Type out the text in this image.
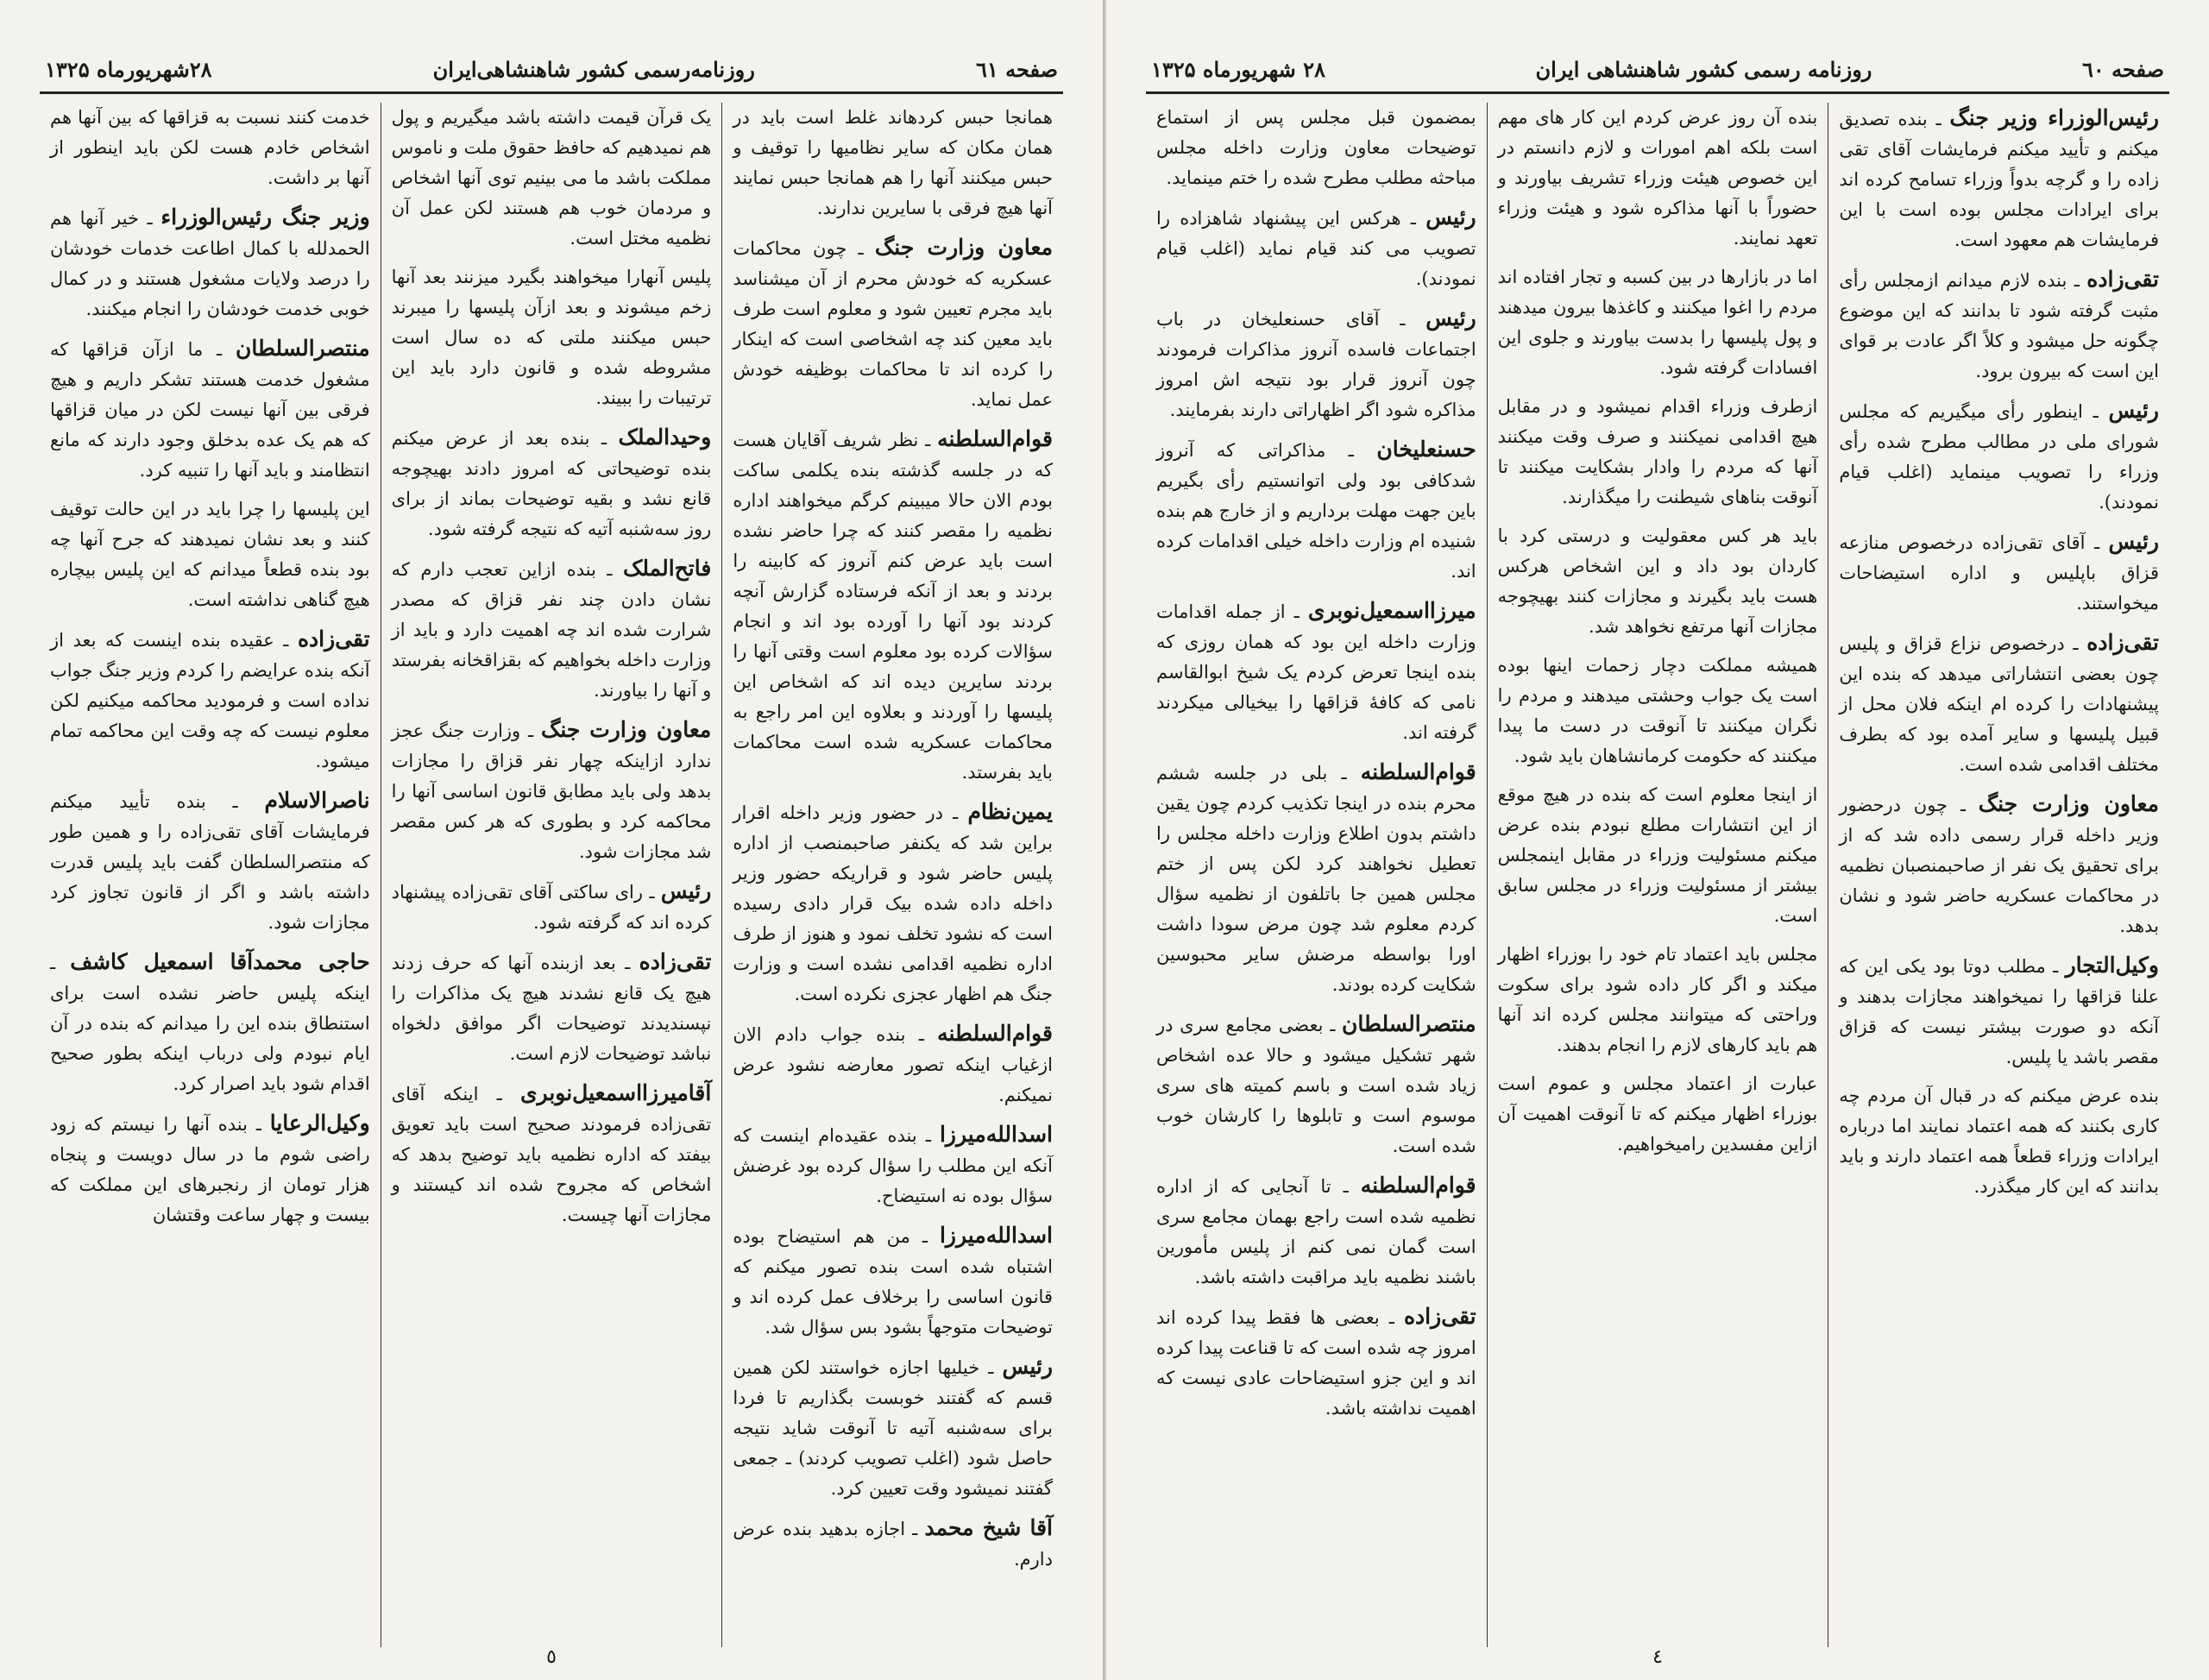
صفحه ٦١
روزنامه‌رسمی کشور شاهنشاهی‌ایران
۲۸شهریورماه ۱۳۲۵
همانجا حبس کردهاند غلط است باید در همان مکان که سایر نظامیها را توقیف و حبس میکنند آنها را هم همانجا حبس نمایند آنها هیچ فرقی با سایرین ندارند.
معاون وزارت جنگ ـ چون محاکمات عسکریه که خودش محرم از آن میشناسد باید مجرم تعیین شود و معلوم است طرف باید معین کند چه اشخاصی است که اینکار را کرده اند تا محاکمات بوظیفه خودش عمل نماید.
قوام‌السلطنه ـ نظر شریف آقایان هست که در جلسه گذشته بنده یکلمی ساکت بودم الان حالا میبینم کرگم میخواهند اداره نظمیه را مقصر کنند که چرا حاضر نشده است باید عرض کنم آنروز که کابینه را بردند و بعد از آنکه فرستاده گزارش آنچه کردند بود آنها را آورده بود اند و انجام سؤالات کرده بود معلوم است وقتی آنها را بردند سایرین دیده اند که اشخاص این پلیسها را آوردند و بعلاوه این امر راجع به محاکمات عسکریه شده است محاکمات باید بفرستد.
یمین‌نظام ـ در حضور وزیر داخله اقرار براین شد که یکنفر صاحبمنصب از اداره پلیس حاضر شود و قراریکه حضور وزیر داخله داده شده بیک قرار دادی رسیده است که نشود تخلف نمود و هنوز از طرف اداره نظمیه اقدامی نشده است و وزارت جنگ هم اظهار عجزی نکرده است.
قوام‌السلطنه ـ بنده جواب دادم الان ازغیاب اینکه تصور معارضه نشود عرض نمیکنم.
اسدالله‌میرزا ـ بنده عقیده‌ام اینست که آنکه این مطلب را سؤال کرده بود غرضش سؤال بوده نه استیضاح.
اسدالله‌میرزا ـ من هم استیضاح بوده اشتباه شده است بنده تصور میکنم که قانون اساسی را برخلاف عمل کرده اند و توضیحات متوجهاً بشود بس سؤال شد.
رئیس ـ خیلیها اجازه خواستند لکن همین قسم که گفتند خوبست بگذاریم تا فردا برای سه‌شنبه آتیه تا آنوقت شاید نتیجه حاصل شود (اغلب تصویب کردند) ـ جمعی گفتند نمیشود وقت تعیین کرد.
آقا شیخ محمد ـ اجازه بدهید بنده عرض دارم.
یک قرآن قیمت داشته باشد میگیریم و پول هم نمیدهیم که حافظ حقوق ملت و ناموس مملکت باشد ما می بینیم توی آنها اشخاص و مردمان خوب هم هستند لکن عمل آن نظمیه مختل است.
پلیس آنهارا میخواهند بگیرد میزنند بعد آنها زخم میشوند و بعد ازآن پلیسها را میبرند حبس میکنند ملتی که ده سال است مشروطه شده و قانون دارد باید این ترتیبات را ببیند.
وحیدالملک ـ بنده بعد از عرض میکنم بنده توضیحاتی که امروز دادند بهیچوجه قانع نشد و بقیه توضیحات بماند از برای روز سه‌شنبه آتیه که نتیجه گرفته شود.
فاتح‌الملک ـ بنده ازاین تعجب دارم که نشان دادن چند نفر قزاق که مصدر شرارت شده اند چه اهمیت دارد و باید از وزارت داخله بخواهیم که بقزاقخانه بفرستد و آنها را بیاورند.
معاون وزارت جنگ ـ وزارت جنگ عجز ندارد ازاینکه چهار نفر قزاق را مجازات بدهد ولی باید مطابق قانون اساسی آنها را محاکمه کرد و بطوری که هر کس مقصر شد مجازات شود.
رئیس ـ رای ساکتی آقای تقی‌زاده پیشنهاد کرده اند که گرفته شود.
تقی‌زاده ـ بعد ازبنده آنها که حرف زدند هیچ یک قانع نشدند هیچ یک مذاکرات را نپسندیدند توضیحات اگر موافق دلخواه نباشد توضیحات لازم است.
آقامیرزااسمعیل‌نوبری ـ اینکه آقای تقی‌زاده فرمودند صحیح است باید تعویق بیفتد که اداره نظمیه باید توضیح بدهد که اشخاص که مجروح شده اند کیستند و مجازات آنها چیست.
خدمت کنند نسبت به قزاقها که بین آنها هم اشخاص خادم هست لکن باید اینطور از آنها بر داشت.
وزیر جنگ رئیس‌الوزراء ـ خیر آنها هم الحمدلله با کمال اطاعت خدمات خودشان را درصد ولایات مشغول هستند و در کمال خوبی خدمت خودشان را انجام میکنند.
منتصر‌السلطان ـ ما ازآن قزاقها که مشغول خدمت هستند تشکر داریم و هیچ فرقی بین آنها نیست لکن در میان قزاقها که هم یک عده بدخلق وجود دارند که مانع انتظامند و باید آنها را تنبیه کرد.
این پلیسها را چرا باید در این حالت توقیف کنند و بعد نشان نمیدهند که جرح آنها چه بود بنده قطعاً میدانم که این پلیس بیچاره هیچ گناهی نداشته است.
تقی‌زاده ـ عقیده بنده اینست که بعد از آنکه بنده عرایضم را کردم وزیر جنگ جواب نداده است و فرمودید محاکمه میکنیم لکن معلوم نیست که چه وقت این محاکمه تمام میشود.
ناصر‌الاسلام ـ بنده تأیید میکنم فرمایشات آقای تقی‌زاده را و همین طور که منتصر‌السلطان گفت باید پلیس قدرت داشته باشد و اگر از قانون تجاوز کرد مجازات شود.
حاجی محمدآقا اسمعیل کاشف ـ اینکه پلیس حاضر نشده است برای استنطاق بنده این را میدانم که بنده در آن ایام نبودم ولی درباب اینکه بطور صحیح اقدام شود باید اصرار کرد.
وکیل‌الرعایا ـ بنده آنها را نیستم که زود راضی شوم ما در سال دویست و پنجاه هزار تومان از رنجبرهای این مملکت که بیست و چهار ساعت وقتشان
٥
صفحه ٦٠
روزنامه رسمی کشور شاهنشاهی ایران
۲۸ شهریورماه ۱۳۲۵
رئیس‌الوزراء وزیر جنگ ـ بنده تصدیق میکنم و تأیید میکنم فرمایشات آقای تقی زاده را و گرچه بدواً وزراء تسامح کرده اند برای ایرادات مجلس بوده است با این فرمایشات هم معهود است.
تقی‌زاده ـ بنده لازم میدانم ازمجلس رأی مثبت گرفته شود تا بدانند که این موضوع چگونه حل میشود و کلاً اگر عادت بر قوای این است که بیرون برود.
رئیس ـ اینطور رأی میگیریم که مجلس شورای ملی در مطالب مطرح شده رأی وزراء را تصویب مینماید (اغلب قیام نمودند).
رئیس ـ آقای تقی‌زاده درخصوص منازعه قزاق باپلیس و اداره استیضاحات میخواستند.
تقی‌زاده ـ درخصوص نزاع قزاق و پلیس چون بعضی انتشاراتی میدهد که بنده این پیشنهادات را کرده ام اینکه فلان محل از قبیل پلیسها و سایر آمده بود که بطرف مختلف اقدامی شده است.
معاون وزارت جنگ ـ چون درحضور وزیر داخله قرار رسمی داده شد که از برای تحقیق یک نفر از صاحبمنصبان نظمیه در محاکمات عسکریه حاضر شود و نشان بدهد.
وکیل‌التجار ـ مطلب دوتا بود یکی این که علنا قزاقها را نمیخواهند مجازات بدهند و آنکه دو صورت بیشتر نیست که قزاق مقصر باشد یا پلیس.
بنده عرض میکنم که در قبال آن مردم چه کاری بکنند که همه اعتماد نمایند اما درباره ایرادات وزراء قطعاً همه اعتماد دارند و باید بدانند که این کار میگذرد.
بنده آن روز عرض کردم این کار های مهم است بلکه اهم امورات و لازم دانستم در این خصوص هیئت وزراء تشریف بیاورند و حضوراً با آنها مذاکره شود و هیئت وزراء تعهد نمایند.
اما در بازارها در بین کسبه و تجار افتاده اند مردم را اغوا میکنند و کاغذها بیرون میدهند و پول پلیسها را بدست بیاورند و جلوی این افسادات گرفته شود.
ازطرف وزراء اقدام نمیشود و در مقابل هیچ اقدامی نمیکنند و صرف وقت میکنند آنها که مردم را وادار بشکایت میکنند تا آنوقت بناهای شیطنت را میگذارند.
باید هر کس معقولیت و درستی کرد با کاردان بود داد و این اشخاص هرکس هست باید بگیرند و مجازات کنند بهیچوجه مجازات آنها مرتفع نخواهد شد.
همیشه مملکت دچار زحمات اینها بوده است یک جواب وحشتی میدهند و مردم را نگران میکنند تا آنوقت در دست ما پیدا میکنند که حکومت کرمانشاهان باید شود.
از اینجا معلوم است که بنده در هیچ موقع از این انتشارات مطلع نبودم بنده عرض میکنم مسئولیت وزراء در مقابل اینمجلس بیشتر از مسئولیت وزراء در مجلس سابق است.
مجلس باید اعتماد تام خود را بوزراء اظهار میکند و اگر کار داده شود برای سکوت وراحتی که میتوانند مجلس کرده اند آنها هم باید کارهای لازم را انجام بدهند.
عبارت از اعتماد مجلس و عموم است بوزراء اظهار میکنم که تا آنوقت اهمیت آن ازاین مفسدین رامیخواهیم.
بمضمون قبل مجلس پس از استماع توضیحات معاون وزارت داخله مجلس مباحثه مطلب مطرح شده را ختم مینماید.
رئیس ـ هرکس این پیشنهاد شاهزاده را تصویب می کند قیام نماید (اغلب قیام نمودند).
رئیس ـ آقای حسنعلیخان در باب اجتماعات فاسده آنروز مذاکرات فرمودند چون آنروز قرار بود نتیجه اش امروز مذاکره شود اگر اظهاراتی دارند بفرمایند.
حسنعلیخان ـ مذاکراتی که آنروز شدکافی بود ولی اتوانستیم رأی بگیریم باین جهت مهلت برداریم و از خارج هم بنده شنیده ام وزارت داخله خیلی اقدامات کرده اند.
میرزااسمعیل‌نوبری ـ از جمله اقدامات وزارت داخله این بود که همان روزی که بنده اینجا تعرض کردم یک شیخ ابوالقاسم نامی که کافهٔ قزاقها را بیخیالی میکردند گرفته اند.
قوام‌السلطنه ـ بلی در جلسه ششم محرم بنده در اینجا تکذیب کردم چون یقین داشتم بدون اطلاع وزارت داخله مجلس را تعطیل نخواهند کرد لکن پس از ختم مجلس همین جا باتلفون از نظمیه سؤال کردم معلوم شد چون مرض سودا داشت اورا بواسطه مرضش سایر محبوسین شکایت کرده بودند.
منتصر‌السلطان ـ بعضی مجامع سری در شهر تشکیل میشود و حالا عده اشخاص زیاد شده است و باسم کمیته های سری موسوم است و تابلوها را کارشان خوب شده است.
قوام‌السلطنه ـ تا آنجایی که از اداره نظمیه شده است راجع بهمان مجامع سری است گمان نمی کنم از پلیس مأمورین باشند نظمیه باید مراقبت داشته باشد.
تقی‌زاده ـ بعضی ها فقط پیدا کرده اند امروز چه شده است که تا قناعت پیدا کرده اند و این جزو استیضاحات عادی نیست که اهمیت نداشته باشد.
٤
